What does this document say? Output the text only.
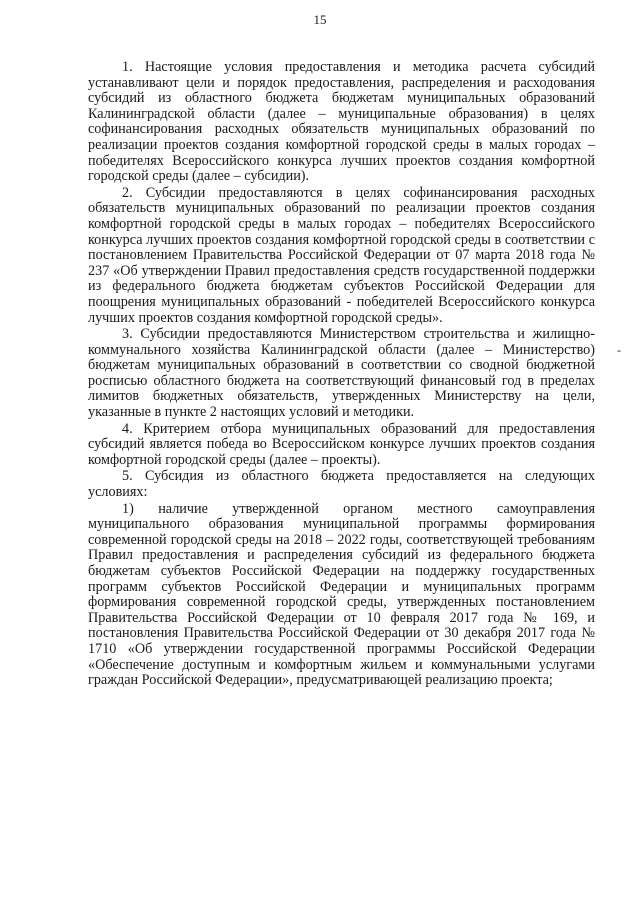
15

1. Настоящие условия предоставления и методика расчета субсидий устанавливают цели и порядок предоставления, распределения и расходования субсидий из областного бюджета бюджетам муниципальных образований Калининградской области (далее – муниципальные образования) в целях софинансирования расходных обязательств муниципальных образований по реализации проектов создания комфортной городской среды в малых городах – победителях Всероссийского конкурса лучших проектов создания комфортной городской среды (далее – субсидии).

2. Субсидии предоставляются в целях софинансирования расходных обязательств муниципальных образований по реализации проектов создания комфортной городской среды в малых городах – победителях Всероссийского конкурса лучших проектов создания комфортной городской среды в соответствии с постановлением Правительства Российской Федерации от 07 марта 2018 года № 237 «Об утверждении Правил предоставления средств государственной поддержки из федерального бюджета бюджетам субъектов Российской Федерации для поощрения муниципальных образований - победителей Всероссийского конкурса лучших проектов создания комфортной городской среды».

3. Субсидии предоставляются Министерством строительства и жилищно-коммунального хозяйства Калининградской области (далее – Министерство) бюджетам муниципальных образований в соответствии со сводной бюджетной росписью областного бюджета на соответствующий финансовый год в пределах лимитов бюджетных обязательств, утвержденных Министерству на цели, указанные в пункте 2 настоящих условий и методики.

4. Критерием отбора муниципальных образований для предоставления субсидий является победа во Всероссийском конкурсе лучших проектов создания комфортной городской среды (далее – проекты).

5. Субсидия из областного бюджета предоставляется на следующих условиях:

1) наличие утвержденной органом местного самоуправления муниципального образования муниципальной программы формирования современной городской среды на 2018 – 2022 годы, соответствующей требованиям Правил предоставления и распределения субсидий из федерального бюджета бюджетам субъектов Российской Федерации на поддержку государственных программ субъектов Российской Федерации и муниципальных программ формирования современной городской среды, утвержденных постановлением Правительства Российской Федерации от 10 февраля 2017 года № 169, и постановления Правительства Российской Федерации от 30 декабря 2017 года № 1710 «Об утверждении государственной программы Российской Федерации «Обеспечение доступным и комфортным жильем и коммунальными услугами граждан Российской Федерации», предусматривающей реализацию проекта;

-
